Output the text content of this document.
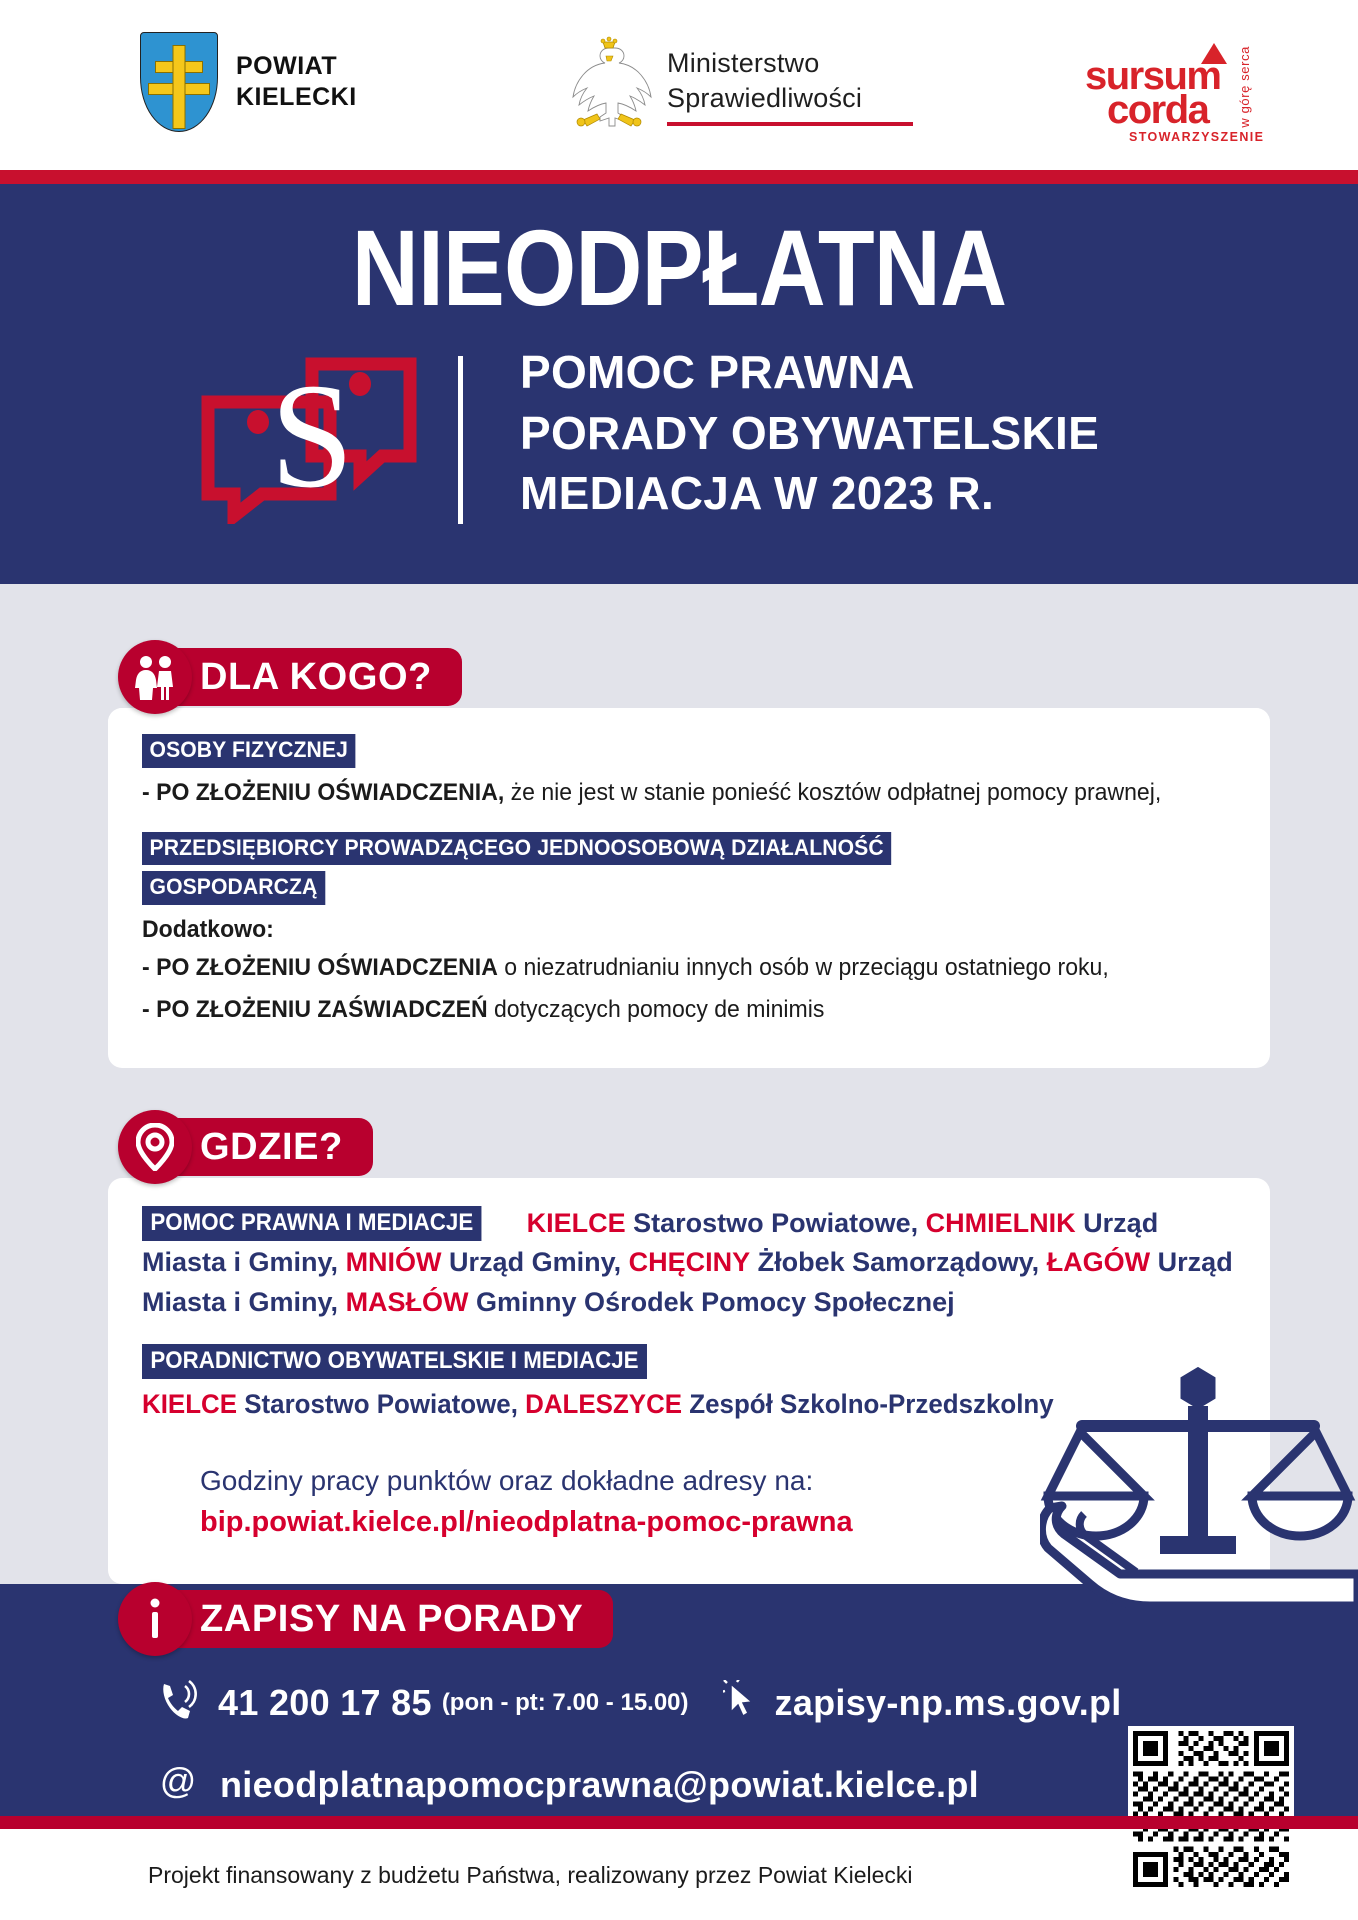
POWIAT
KIELECKI
Ministerstwo
Sprawiedliwości	sursum
corda
STOWARZYSZENIE
w górę serca
NIEODPŁATNA
S	POMOC PRAWNA
PORADY OBYWATELSKIE
MEDIACJA W 2023 R.
DLA KOGO?
OSOBY FIZYCZNEJ
- PO ZŁOŻENIU OŚWIADCZENIA, że nie jest w stanie ponieść kosztów odpłatnej pomocy prawnej,
PRZEDSIĘBIORCY PROWADZĄCEGO JEDNOOSOBOWĄ DZIAŁALNOŚĆ
GOSPODARCZĄ
Dodatkowo:
- PO ZŁOŻENIU OŚWIADCZENIA o niezatrudnianiu innych osób w przeciągu ostatniego roku,
- PO ZŁOŻENIU ZAŚWIADCZEŃ dotyczących pomocy de minimis
GDZIE?
POMOC PRAWNA I MEDIACJE KIELCE Starostwo Powiatowe, CHMIELNIK Urząd Miasta i Gminy, MNIÓW Urząd Gminy, CHĘCINY Żłobek Samorządowy, ŁAGÓW Urząd Miasta i Gminy, MASŁÓW Gminny Ośrodek Pomocy Społecznej
PORADNICTWO OBYWATELSKIE I MEDIACJE
KIELCE Starostwo Powiatowe, DALESZYCE Zespół Szkolno-Przedszkolny
Godziny pracy punktów oraz dokładne adresy na:
bip.powiat.kielce.pl/nieodplatna-pomoc-prawna
ZAPISY NA PORADY
41 200 17 85 (pon - pt: 7.00 - 15.00) zapisy-np.ms.gov.pl
@ nieodplatnapomocprawna@powiat.kielce.pl
Projekt finansowany z budżetu Państwa, realizowany przez Powiat Kielecki
